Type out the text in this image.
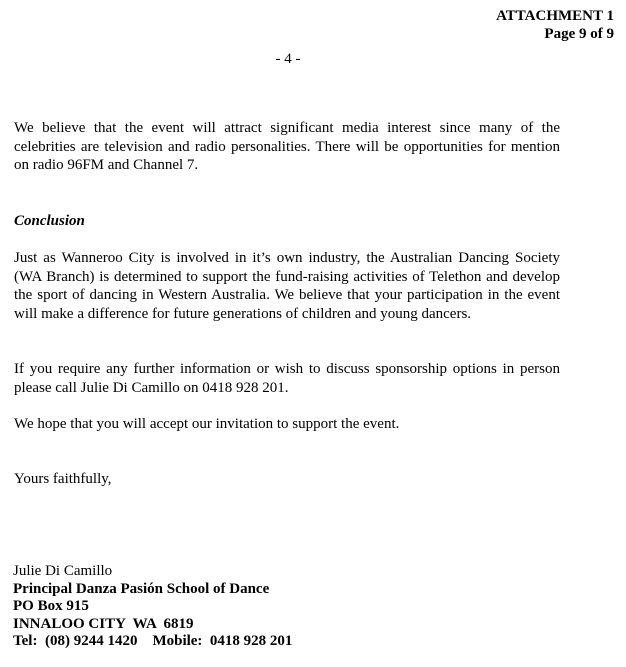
ATTACHMENT 1
Page 9 of 9
- 4 -

We believe that the event will attract significant media interest since many of the celebrities are television and radio personalities. There will be opportunities for mention on radio 96FM and Channel 7.

Conclusion

Just as Wanneroo City is involved in it’s own industry, the Australian Dancing Society (WA Branch) is determined to support the fund-raising activities of Telethon and develop the sport of dancing in Western Australia. We believe that your participation in the event will make a difference for future generations of children and young dancers.

If you require any further information or wish to discuss sponsorship options in person please call Julie Di Camillo on 0418 928 201.

We hope that you will accept our invitation to support the event.

Yours faithfully,

Julie Di Camillo
Principal Danza Pasión School of Dance
PO Box 915
INNALOO CITY  WA  6819
Tel:  (08) 9244 1420    Mobile:  0418 928 201
